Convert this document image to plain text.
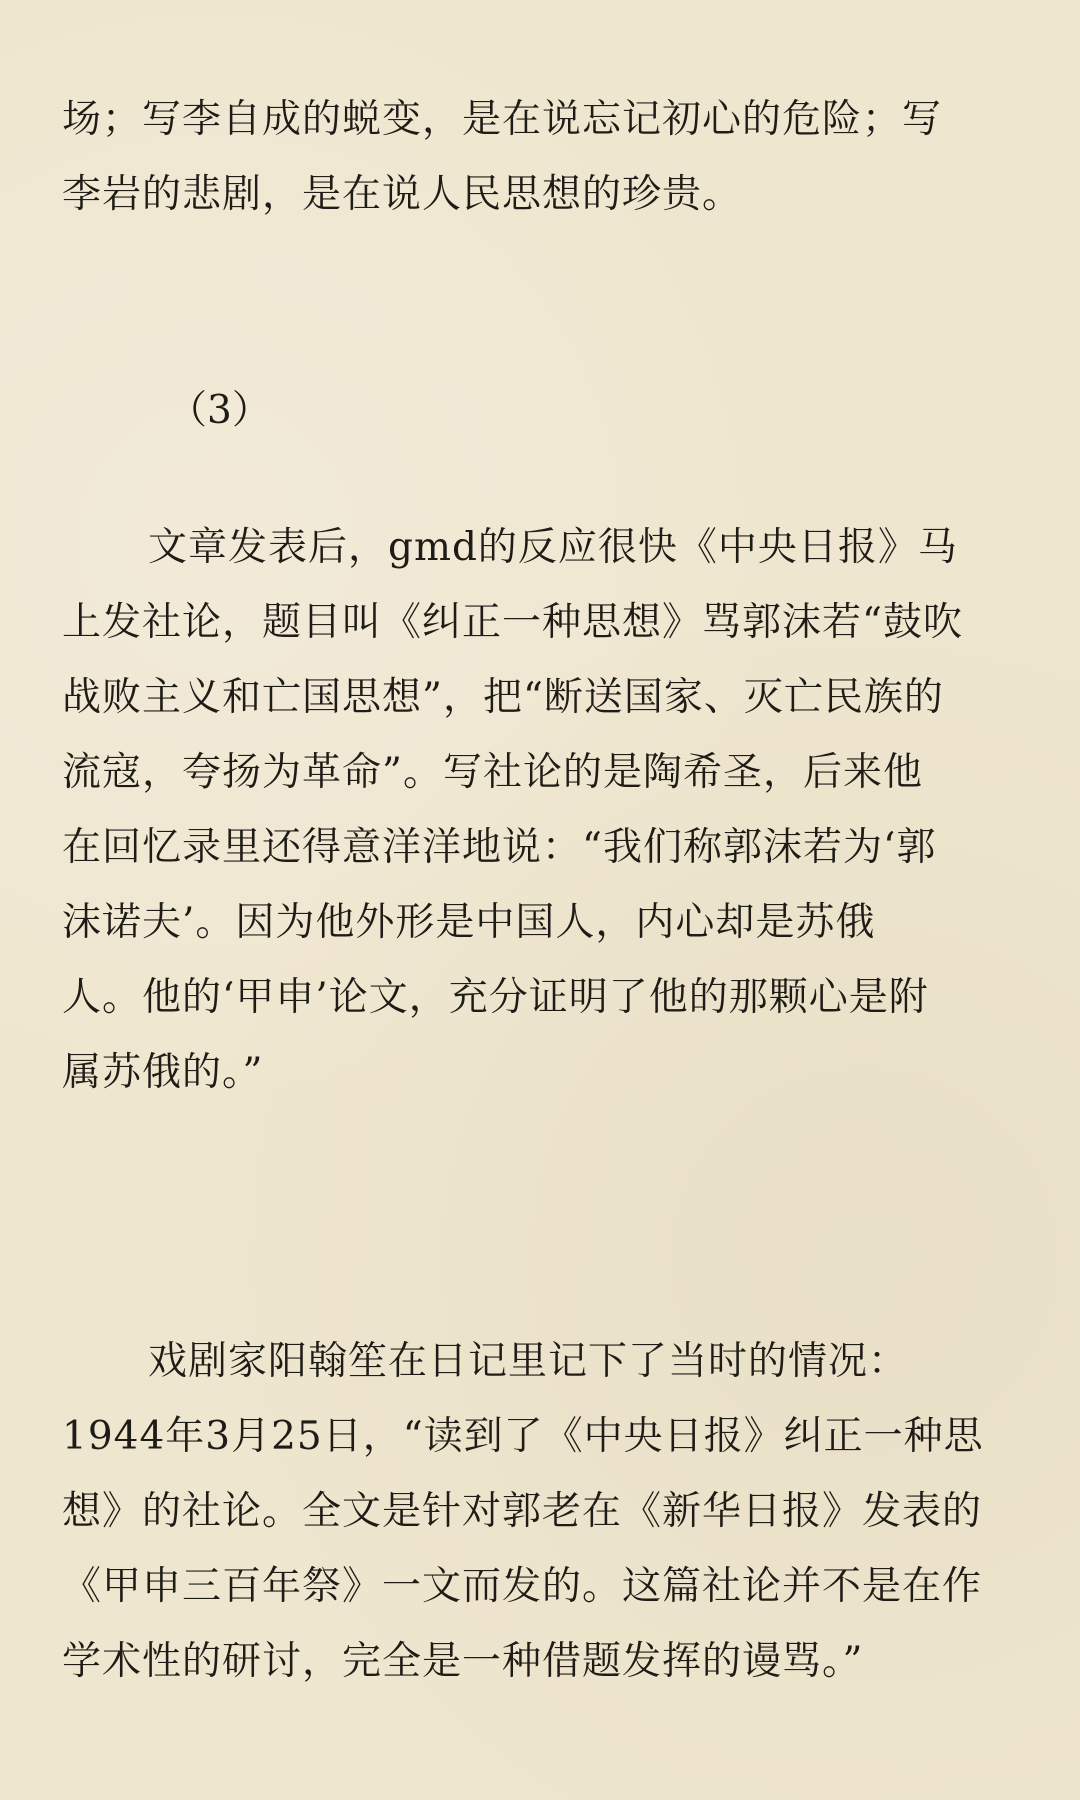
场；写李自成的蜕变，是在说忘记初心的危险；写
李岩的悲剧，是在说人民思想的珍贵。

（3）

文章发表后，gmd的反应很快《中央日报》马
上发社论，题目叫《纠正一种思想》骂郭沫若“鼓吹
战败主义和亡国思想”，把“断送国家、灭亡民族的
流寇，夸扬为革命”。写社论的是陶希圣，后来他
在回忆录里还得意洋洋地说：“我们称郭沫若为‘郭
沫诺夫’。因为他外形是中国人，内心却是苏俄
人。他的‘甲申’论文，充分证明了他的那颗心是附
属苏俄的。”

戏剧家阳翰笙在日记里记下了当时的情况：
1944年3月25日，“读到了《中央日报》纠正一种思
想》的社论。全文是针对郭老在《新华日报》发表的
《甲申三百年祭》一文而发的。这篇社论并不是在作
学术性的研讨，完全是一种借题发挥的谩骂。”
